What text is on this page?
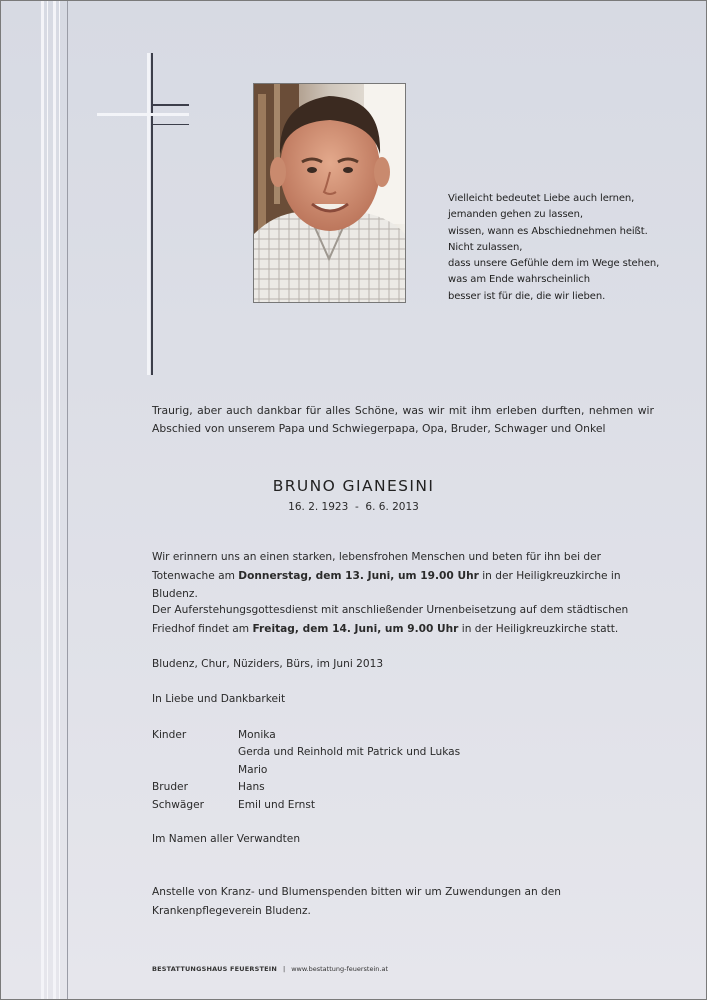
Vielleicht bedeutet Liebe auch lernen,
jemanden gehen zu lassen,
wissen, wann es Abschiednehmen heißt.
Nicht zulassen,
dass unsere Gefühle dem im Wege stehen,
was am Ende wahrscheinlich
besser ist für die, die wir lieben.
Traurig, aber auch dankbar für alles Schöne, was wir mit ihm erleben durften, nehmen wir Abschied von unserem Papa und Schwiegerpapa, Opa, Bruder, Schwager und Onkel
BRUNO GIANESINI
16. 2. 1923  -  6. 6. 2013
Wir erinnern uns an einen starken, lebensfrohen Menschen und beten für ihn bei der Totenwache am Donnerstag, dem 13. Juni, um 19.00 Uhr in der Heiligkreuzkirche in Bludenz.
Der Auferstehungsgottesdienst mit anschließender Urnenbeisetzung auf dem städtischen Friedhof findet am Freitag, dem 14. Juni, um 9.00 Uhr in der Heiligkreuzkirche statt.
Bludenz, Chur, Nüziders, Bürs, im Juni 2013
In Liebe und Dankbarkeit
Kinder	Monika
Gerda und Reinhold mit Patrick und Lukas
Mario
Bruder	Hans
Schwäger	Emil und Ernst
Im Namen aller Verwandten
Anstelle von Kranz- und Blumenspenden bitten wir um Zuwendungen an den Krankenpflegeverein Bludenz.
BESTATTUNGSHAUS FEUERSTEIN | www.bestattung-feuerstein.at
